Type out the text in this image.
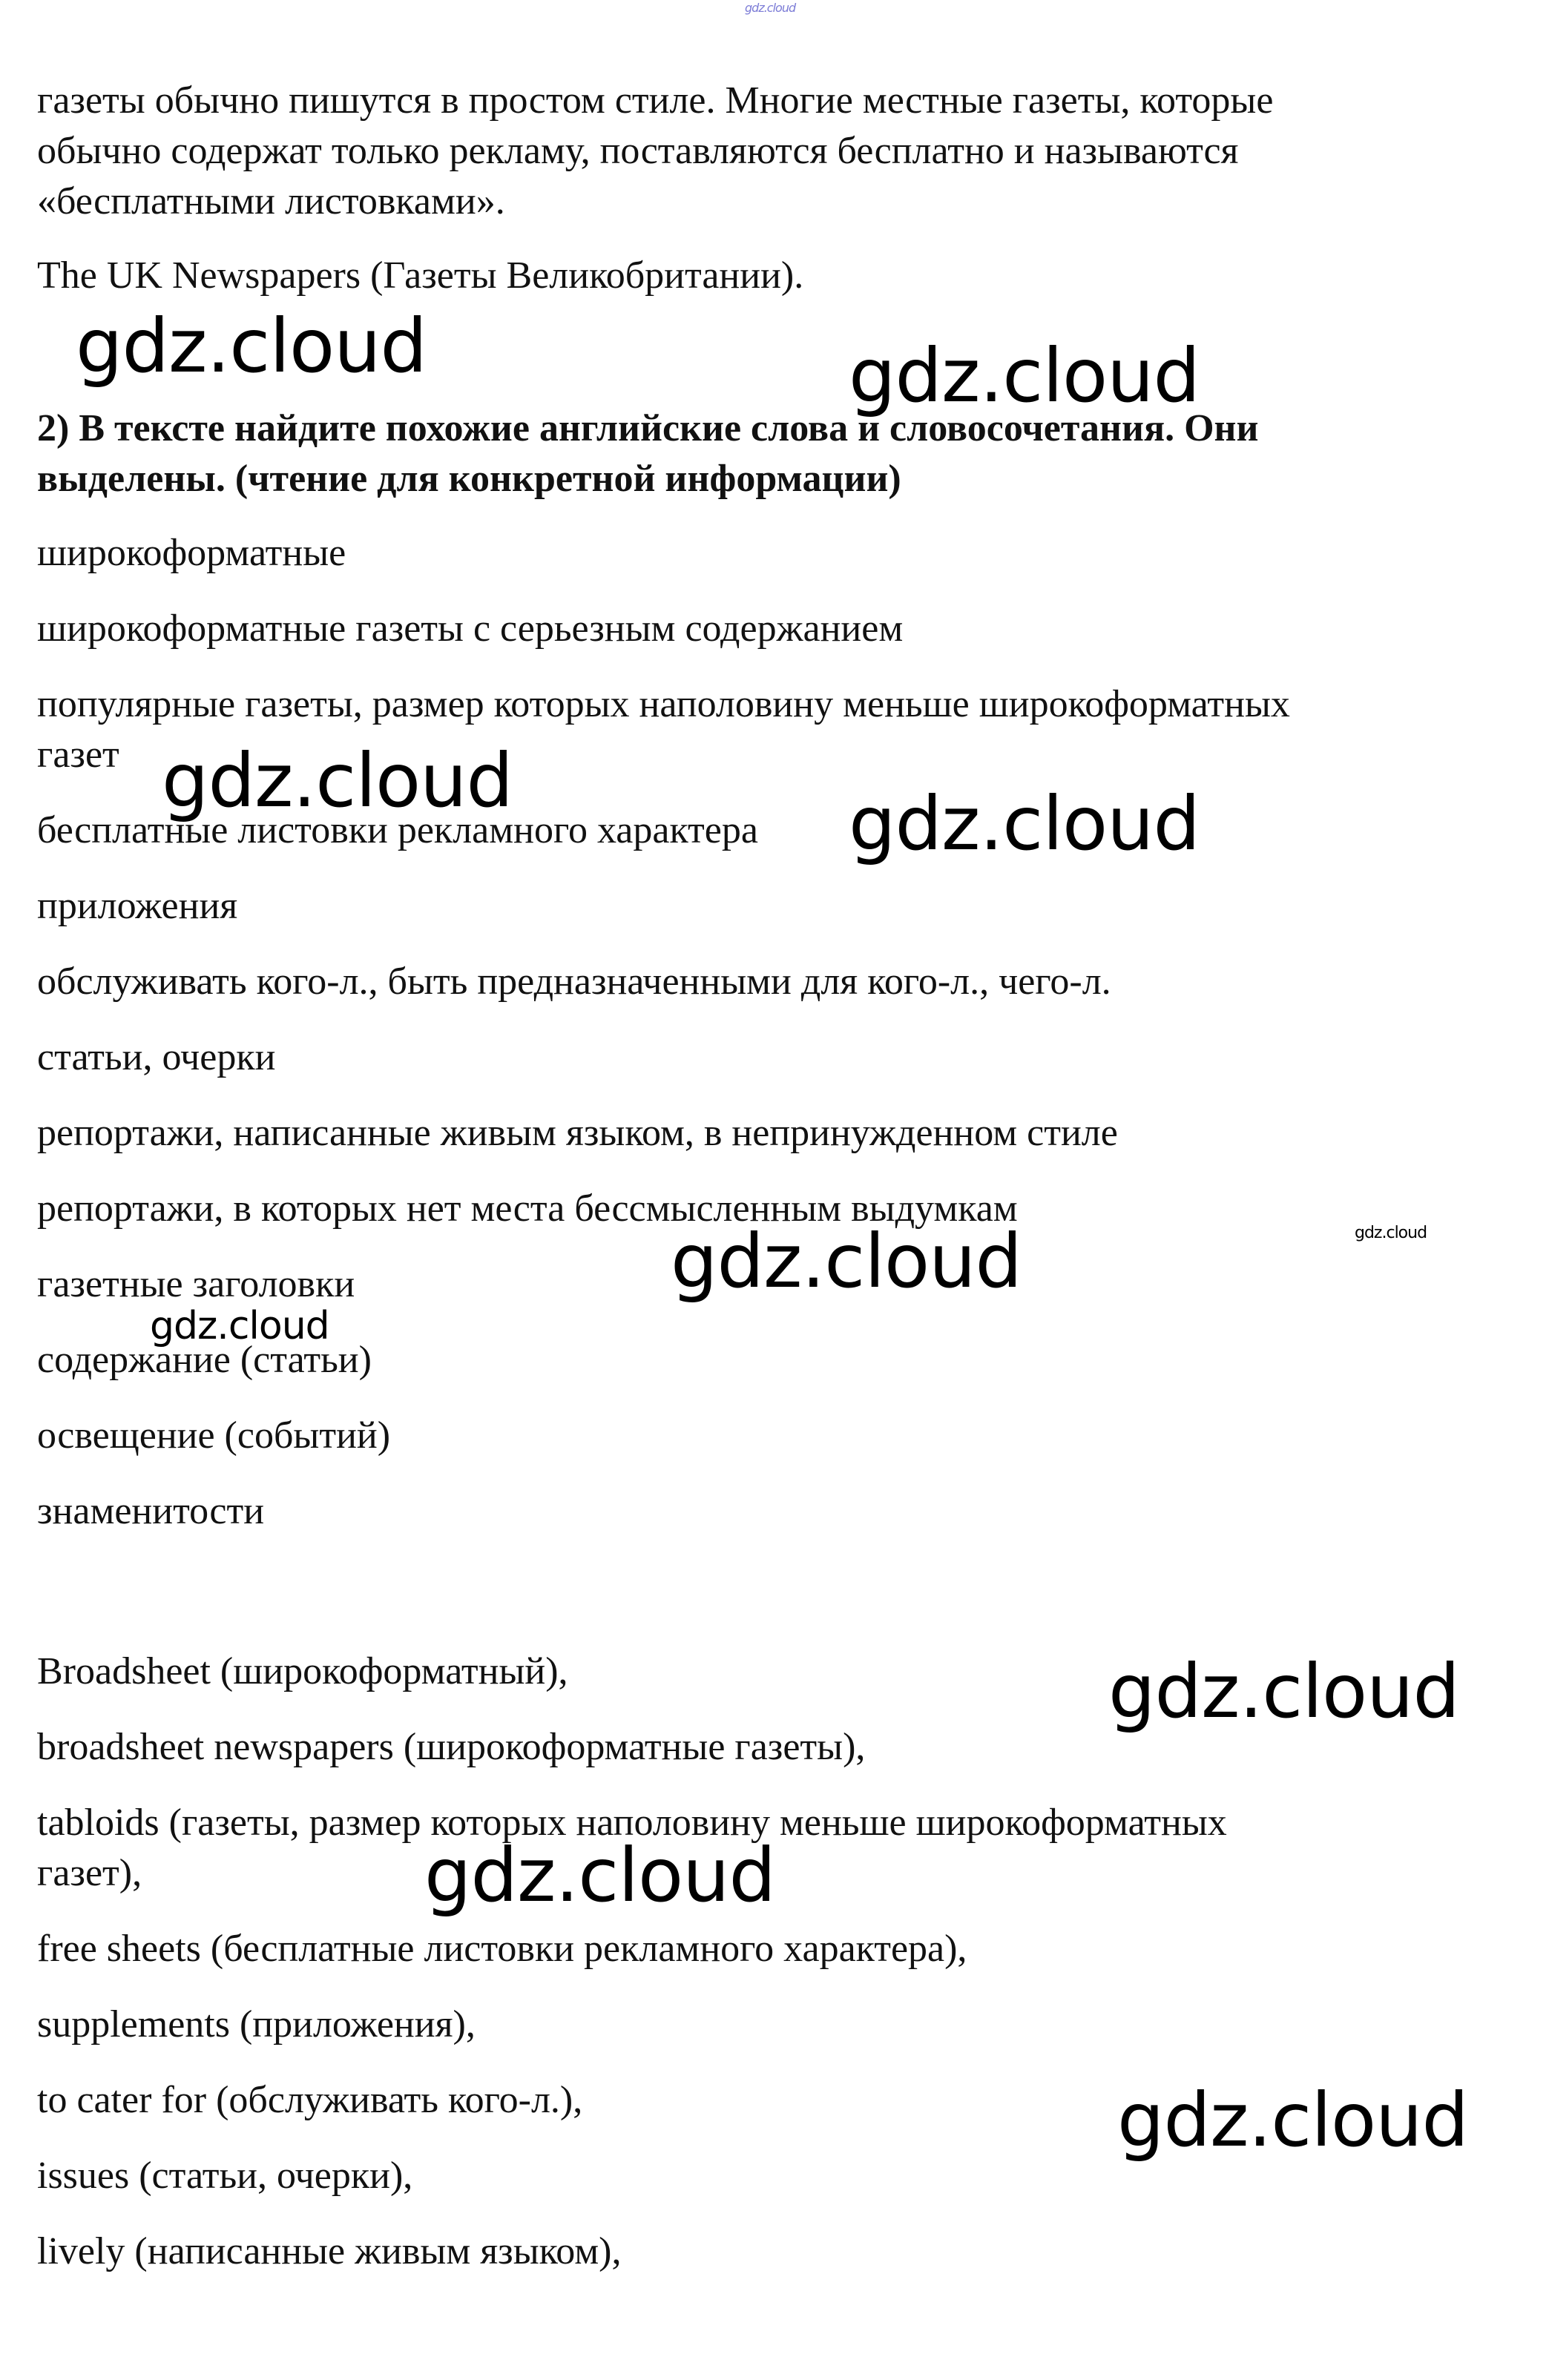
gdz.cloud

газеты обычно пишутся в простом стиле. Многие местные газеты, которые

обычно содержат только рекламу, поставляются бесплатно и называются

«бесплатными листовками».

The UK Newspapers (Газеты Великобритании).

gdz.cloud	gdz.cloud

2) В тексте найдите похожие английские слова и словосочетания. Они

выделены. (чтение для конкретной информации)

широкоформатные

широкоформатные газеты с серьезным содержанием

популярные газеты, размер которых наполовину меньше широкоформатных

газет gdz.cloud

бесплатные листовки рекламного характера gdz.cloud

приложения

обслуживать кого-л., быть предназначенными для кого-л., чего-л.

статьи, очерки

репортажи, написанные живым языком, в непринужденном стиле

репортажи, в которых нет места бессмысленным выдумкам

gdz.cloud
gdz.cloud

газетные заголовки

gdz.cloud

содержание (статьи)

освещение (событий)

знаменитости

Broadsheet (широкоформатный),	gdz.cloud

broadsheet newspapers (широкоформатные газеты),

tabloids (газеты, размер которых наполовину меньше широкоформатных

газет),	gdz.cloud

free sheets (бесплатные листовки рекламного характера),

supplements (приложения),

to cater for (обслуживать кого-л.),	gdz.cloud

issues (статьи, очерки),

lively (написанные живым языком),
